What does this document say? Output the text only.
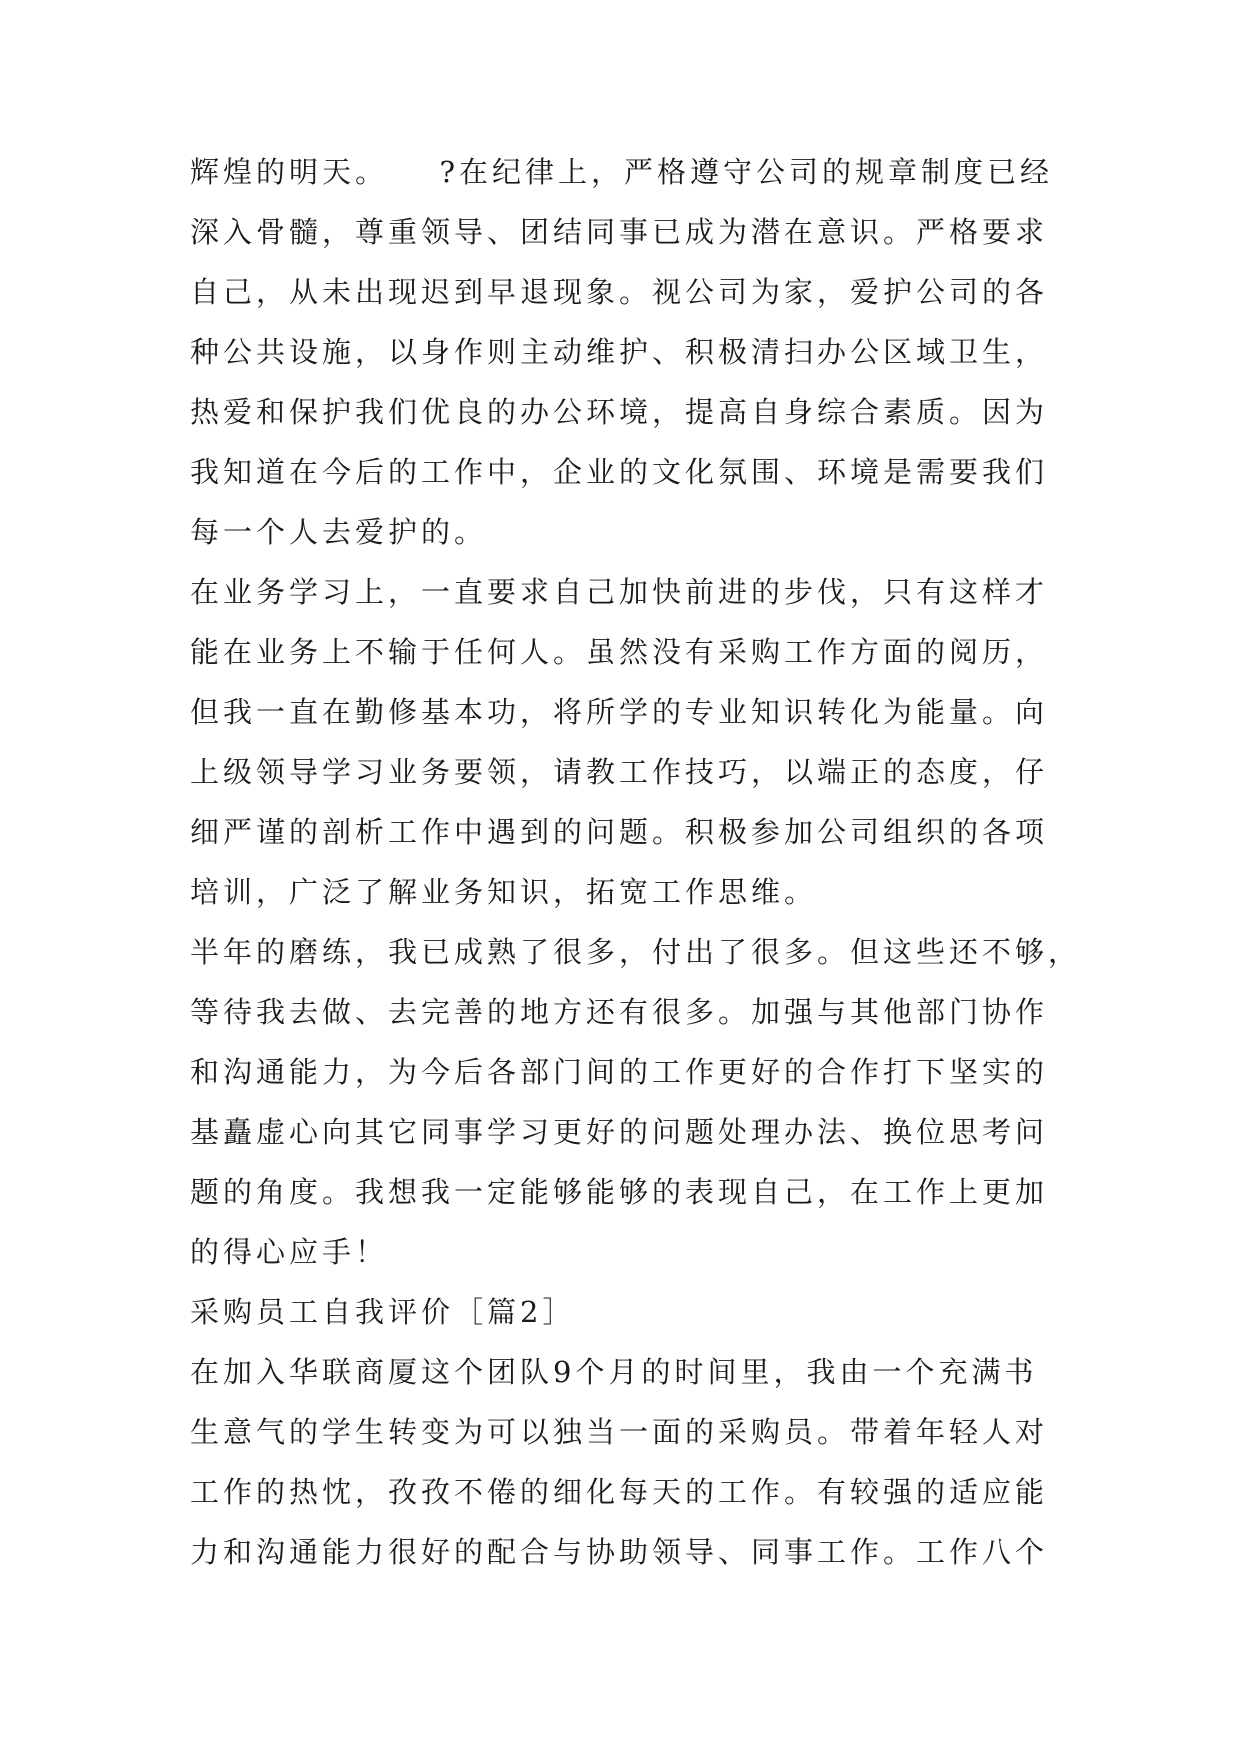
辉煌的明天。　　?在纪律上，严格遵守公司的规章制度已经
深入骨髓，尊重领导、团结同事已成为潜在意识。严格要求
自己，从未出现迟到早退现象。视公司为家，爱护公司的各
种公共设施，以身作则主动维护、积极清扫办公区域卫生，
热爱和保护我们优良的办公环境，提高自身综合素质。因为
我知道在今后的工作中，企业的文化氛围、环境是需要我们
每一个人去爱护的。
在业务学习上，一直要求自己加快前进的步伐，只有这样才
能在业务上不输于任何人。虽然没有采购工作方面的阅历，
但我一直在勤修基本功，将所学的专业知识转化为能量。向
上级领导学习业务要领，请教工作技巧，以端正的态度，仔
细严谨的剖析工作中遇到的问题。积极参加公司组织的各项
培训，广泛了解业务知识，拓宽工作思维。
半年的磨练，我已成熟了很多，付出了很多。但这些还不够，
等待我去做、去完善的地方还有很多。加强与其他部门协作
和沟通能力，为今后各部门间的工作更好的合作打下坚实的
基矗虚心向其它同事学习更好的问题处理办法、换位思考问
题的角度。我想我一定能够能够的表现自己，在工作上更加
的得心应手！
采购员工自我评价［篇2］
在加入华联商厦这个团队9个月的时间里，我由一个充满书
生意气的学生转变为可以独当一面的采购员。带着年轻人对
工作的热忱，孜孜不倦的细化每天的工作。有较强的适应能
力和沟通能力很好的配合与协助领导、同事工作。工作八个
